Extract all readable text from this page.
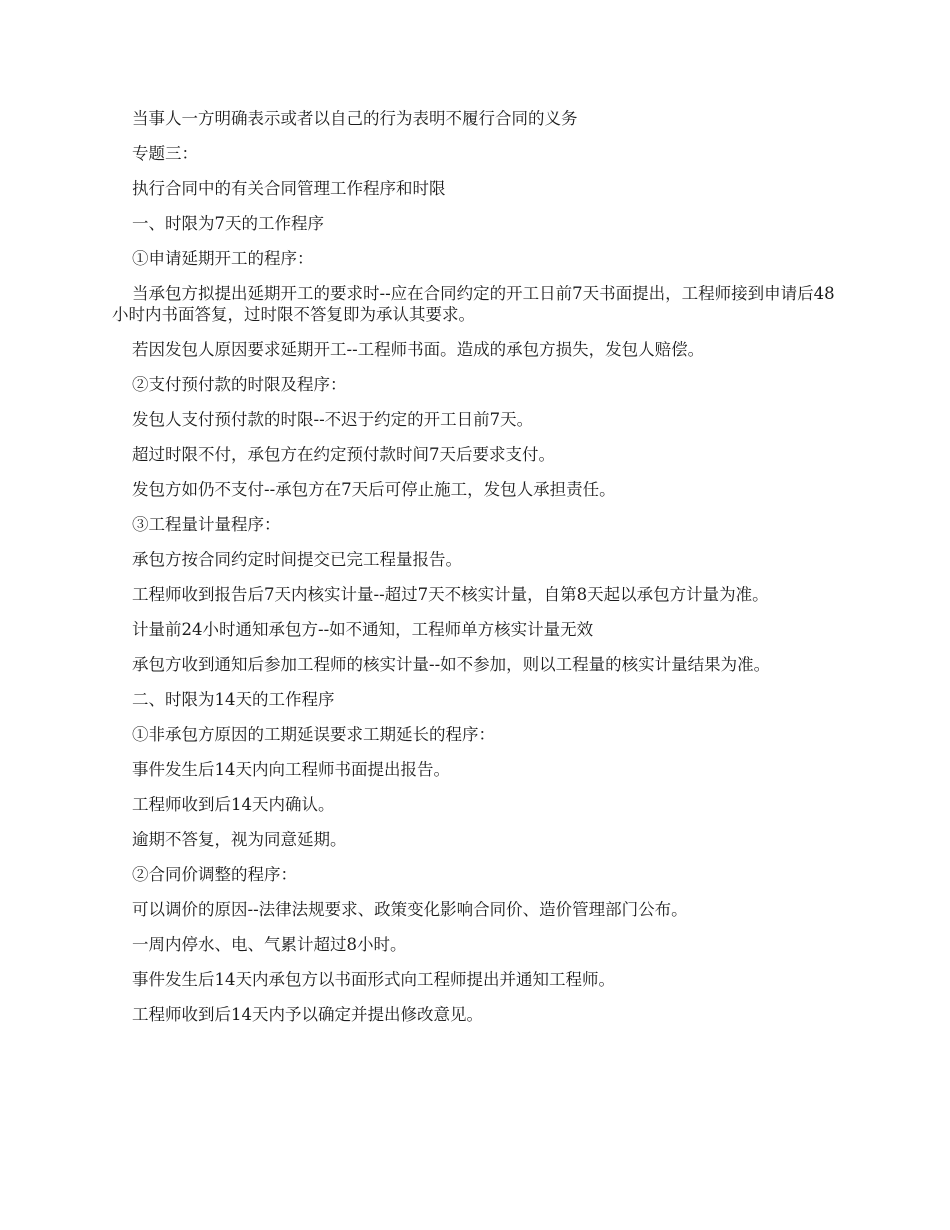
当事人一方明确表示或者以自己的行为表明不履行合同的义务

专题三：

执行合同中的有关合同管理工作程序和时限

一、时限为7天的工作程序

①申请延期开工的程序：

当承包方拟提出延期开工的要求时--应在合同约定的开工日前7天书面提出，工程师接到申请后48小时内书面答复，过时限不答复即为承认其要求。

若因发包人原因要求延期开工--工程师书面。造成的承包方损失，发包人赔偿。

②支付预付款的时限及程序：

发包人支付预付款的时限--不迟于约定的开工日前7天。

超过时限不付，承包方在约定预付款时间7天后要求支付。

发包方如仍不支付--承包方在7天后可停止施工，发包人承担责任。

③工程量计量程序：

承包方按合同约定时间提交已完工程量报告。

工程师收到报告后7天内核实计量--超过7天不核实计量，自第8天起以承包方计量为准。

计量前24小时通知承包方--如不通知，工程师单方核实计量无效

承包方收到通知后参加工程师的核实计量--如不参加，则以工程量的核实计量结果为准。

二、时限为14天的工作程序

①非承包方原因的工期延误要求工期延长的程序：

事件发生后14天内向工程师书面提出报告。

工程师收到后14天内确认。

逾期不答复，视为同意延期。

②合同价调整的程序：

可以调价的原因--法律法规要求、政策变化影响合同价、造价管理部门公布。

一周内停水、电、气累计超过8小时。

事件发生后14天内承包方以书面形式向工程师提出并通知工程师。

工程师收到后14天内予以确定并提出修改意见。
